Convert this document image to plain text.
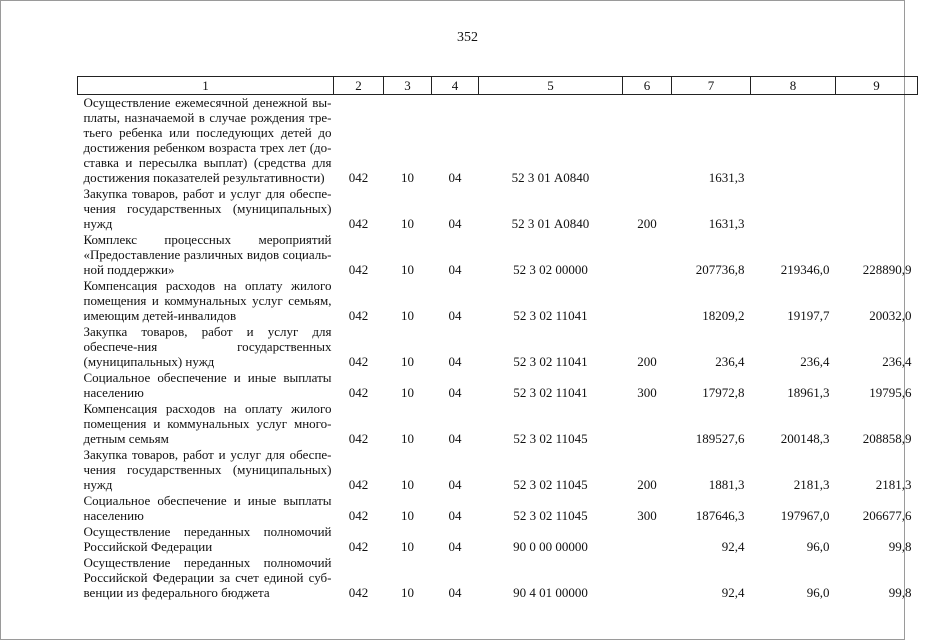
352
1	2	3	4	5	6	7	8	9
Осуществление ежемесячной денежной вы-платы, назначаемой в случае рождения тре-тьего ребенка или последующих детей до достижения ребенком возраста трех лет (до-ставка и пересылка выплат) (средства для достижения показателей результативности)	042	10	04	52 3 01 А0840		1631,3		
Закупка товаров, работ и услуг для обеспе-чения государственных (муниципальных) нужд	042	10	04	52 3 01 А0840	200	1631,3		
Комплекс процессных мероприятий «Предоставление различных видов социаль-ной поддержки»	042	10	04	52 3 02 00000		207736,8	219346,0	228890,9
Компенсация расходов на оплату жилого помещения и коммунальных услуг семьям, имеющим детей-инвалидов	042	10	04	52 3 02 11041		18209,2	19197,7	20032,0
Закупка товаров, работ и услуг для обеспече-ния государственных (муниципальных) нужд	042	10	04	52 3 02 11041	200	236,4	236,4	236,4
Социальное обеспечение и иные выплаты населению	042	10	04	52 3 02 11041	300	17972,8	18961,3	19795,6
Компенсация расходов на оплату жилого помещения и коммунальных услуг много-детным семьям	042	10	04	52 3 02 11045		189527,6	200148,3	208858,9
Закупка товаров, работ и услуг для обеспе-чения государственных (муниципальных) нужд	042	10	04	52 3 02 11045	200	1881,3	2181,3	2181,3
Социальное обеспечение и иные выплаты населению	042	10	04	52 3 02 11045	300	187646,3	197967,0	206677,6
Осуществление переданных полномочий Российской Федерации	042	10	04	90 0 00 00000		92,4	96,0	99,8
Осуществление переданных полномочий Российской Федерации за счет единой суб-венции из федерального бюджета	042	10	04	90 4 01 00000		92,4	96,0	99,8
